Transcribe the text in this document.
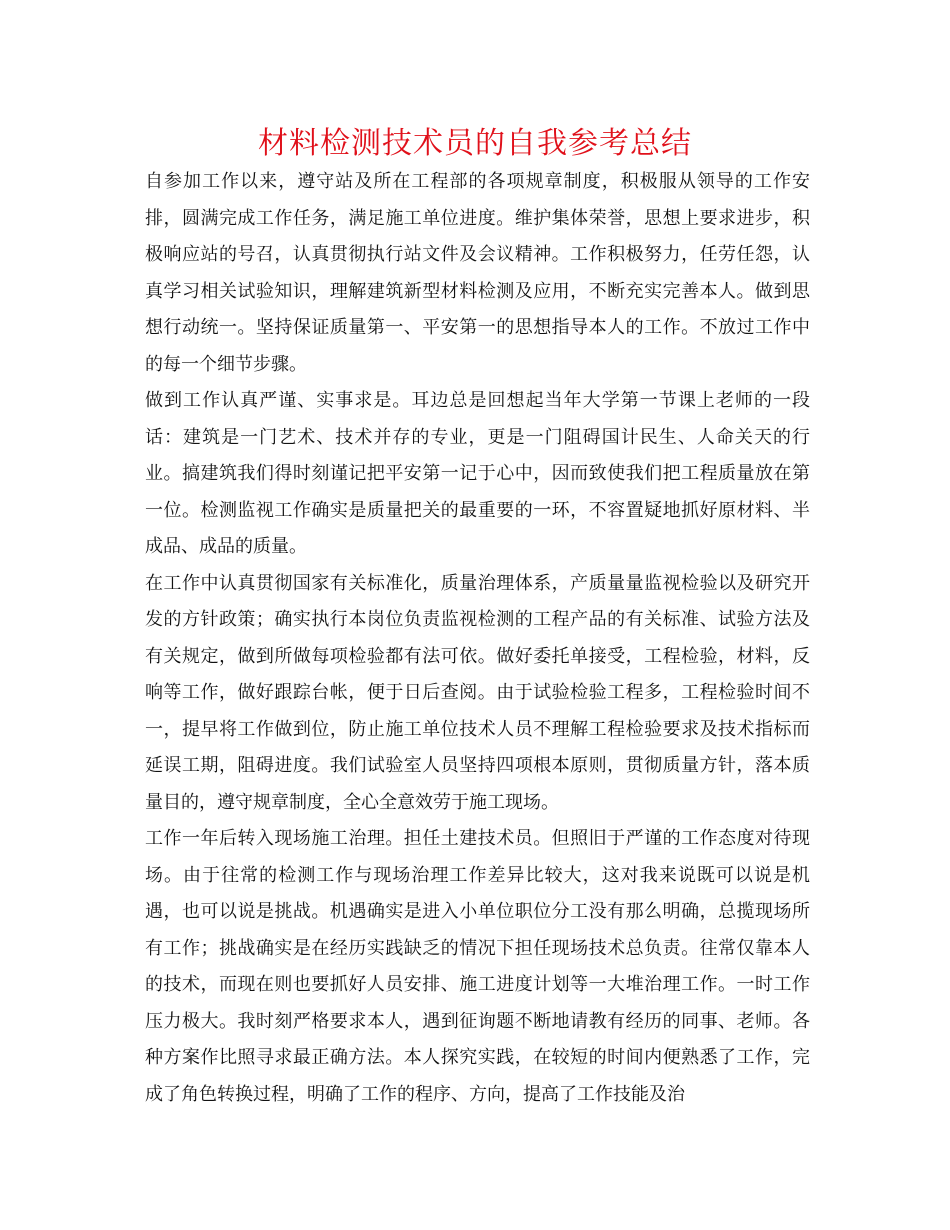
材料检测技术员的自我参考总结

自参加工作以来，遵守站及所在工程部的各项规章制度，积极服从领导的工作安排，圆满完成工作任务，满足施工单位进度。维护集体荣誉，思想上要求进步，积极响应站的号召，认真贯彻执行站文件及会议精神。工作积极努力，任劳任怨，认真学习相关试验知识，理解建筑新型材料检测及应用，不断充实完善本人。做到思想行动统一。坚持保证质量第一、平安第一的思想指导本人的工作。不放过工作中的每一个细节步骤。

做到工作认真严谨、实事求是。耳边总是回想起当年大学第一节课上老师的一段话：建筑是一门艺术、技术并存的专业，更是一门阻碍国计民生、人命关天的行业。搞建筑我们得时刻谨记把平安第一记于心中，因而致使我们把工程质量放在第一位。检测监视工作确实是质量把关的最重要的一环，不容置疑地抓好原材料、半成品、成品的质量。

在工作中认真贯彻国家有关标准化，质量治理体系，产质量量监视检验以及研究开发的方针政策；确实执行本岗位负责监视检测的工程产品的有关标准、试验方法及有关规定，做到所做每项检验都有法可依。做好委托单接受，工程检验，材料，反响等工作，做好跟踪台帐，便于日后查阅。由于试验检验工程多，工程检验时间不一，提早将工作做到位，防止施工单位技术人员不理解工程检验要求及技术指标而延误工期，阻碍进度。我们试验室人员坚持四项根本原则，贯彻质量方针，落本质量目的，遵守规章制度，全心全意效劳于施工现场。

工作一年后转入现场施工治理。担任土建技术员。但照旧于严谨的工作态度对待现场。由于往常的检测工作与现场治理工作差异比较大，这对我来说既可以说是机遇，也可以说是挑战。机遇确实是进入小单位职位分工没有那么明确，总揽现场所有工作；挑战确实是在经历实践缺乏的情况下担任现场技术总负责。往常仅靠本人的技术，而现在则也要抓好人员安排、施工进度计划等一大堆治理工作。一时工作压力极大。我时刻严格要求本人，遇到征询题不断地请教有经历的同事、老师。各种方案作比照寻求最正确方法。本人探究实践，在较短的时间内便熟悉了工作，完成了角色转换过程，明确了工作的程序、方向，提高了工作技能及治
